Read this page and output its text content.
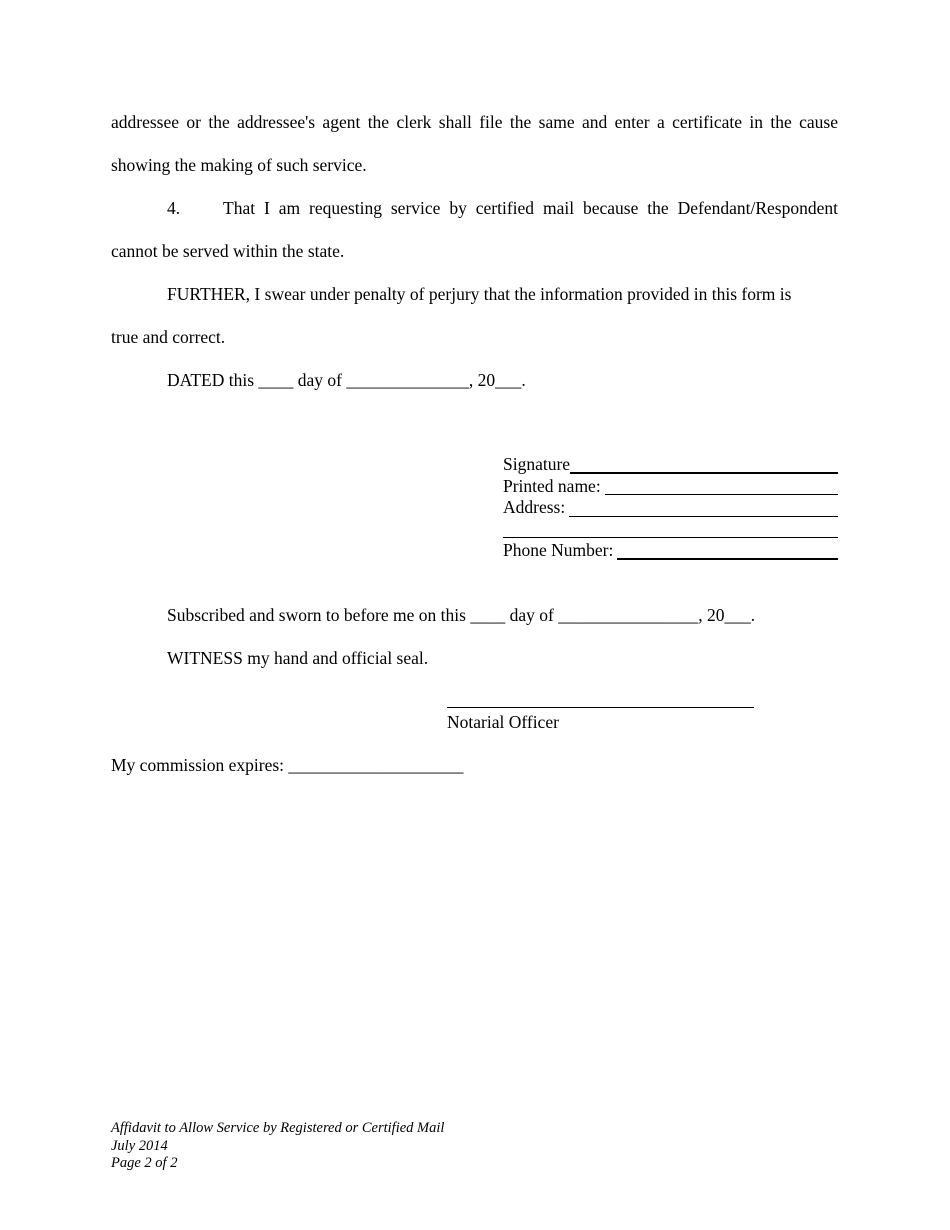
addressee or the addressee's agent the clerk shall file the same and enter a certificate in the cause
showing the making of such service.
4.	That I am requesting service by certified mail because the Defendant/Respondent
cannot be served within the state.
FURTHER, I swear under penalty of perjury that the information provided in this form is
true and correct.
DATED this ____ day of ______________, 20___.
Signature
Printed name:
Address:
Phone Number:
Subscribed and sworn to before me on this ____ day of ________________, 20___.
WITNESS my hand and official seal.
Notarial Officer
My commission expires: ____________________
Affidavit to Allow Service by Registered or Certified Mail
July 2014
Page 2 of 2
